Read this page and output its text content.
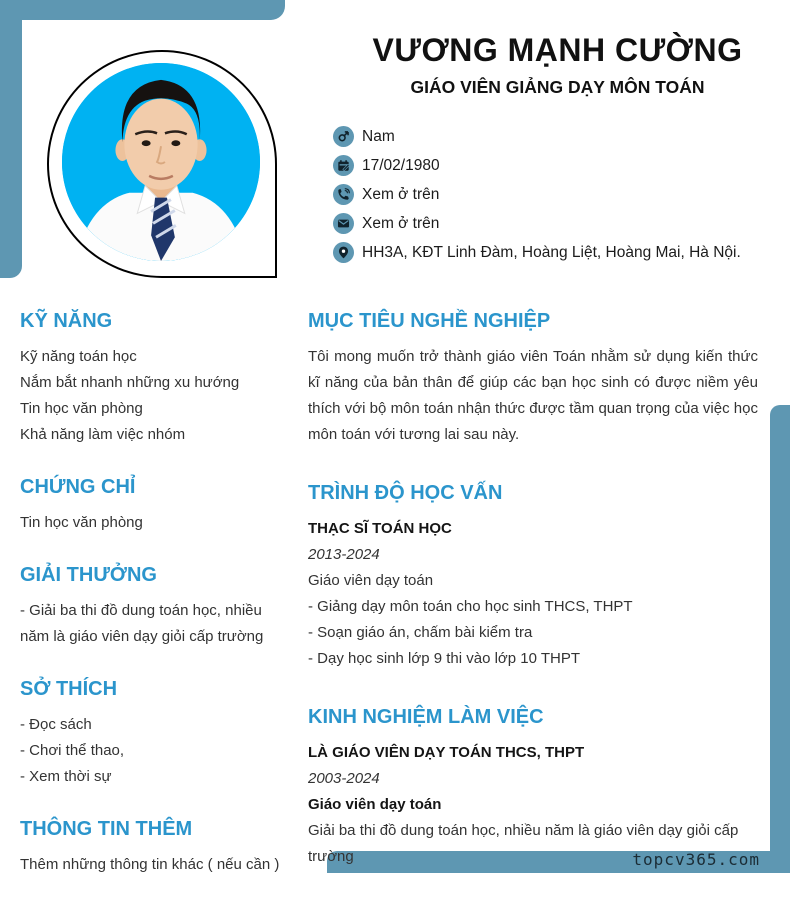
topcv365.com
VƯƠNG MẠNH CƯỜNG
GIÁO VIÊN GIẢNG DẠY MÔN TOÁN
Nam
17/02/1980
Xem ở trên
Xem ở trên
HH3A, KĐT Linh Đàm, Hoàng Liệt, Hoàng Mai, Hà Nội.
KỸ NĂNG
Kỹ năng toán học
Nắm bắt nhanh những xu hướng
Tin học văn phòng
Khả năng làm việc nhóm
CHỨNG CHỈ
Tin học văn phòng
GIẢI THƯỞNG
- Giải ba thi đồ dung toán học, nhiều năm là giáo viên dạy giỏi cấp trường
SỞ THÍCH
- Đọc sách
- Chơi thể thao,
- Xem thời sự
THÔNG TIN THÊM
Thêm những thông tin khác ( nếu cần )
MỤC TIÊU NGHỀ NGHIỆP

Tôi mong muốn trở thành giáo viên Toán nhằm sử dụng kiến thức kĩ năng của bản thân để giúp các bạn học sinh có được niềm yêu thích với bộ môn toán nhận thức được tầm quan trọng của việc học môn toán với tương lai sau này.

TRÌNH ĐỘ HỌC VẤN
THẠC SĨ TOÁN HỌC
2013-2024
Giáo viên dạy toán
- Giảng dạy môn toán cho học sinh THCS, THPT
- Soạn giáo án, chấm bài kiểm tra
- Dạy học sinh lớp 9 thi vào lớp 10 THPT
KINH NGHIỆM LÀM VIỆC
LÀ GIÁO VIÊN DẠY TOÁN THCS, THPT
2003-2024
Giáo viên dạy toán
Giải ba thi đồ dung toán học, nhiều năm là giáo viên dạy giỏi cấp trường
